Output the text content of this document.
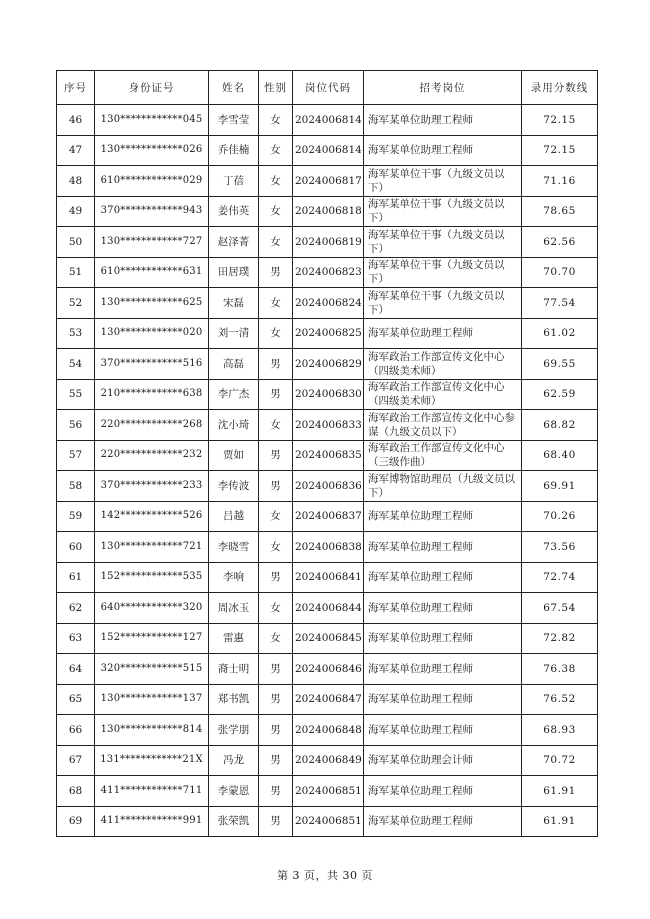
序号	身份证号	姓名	性别	岗位代码	招考岗位	录用分数线
46	130************045	李雪莹	女	2024006814	海军某单位助理工程师	72.15
47	130************026	乔佳楠	女	2024006814	海军某单位助理工程师	72.15
48	610************029	丁蓓	女	2024006817	海军某单位干事（九级文员以下）	71.16
49	370************943	姜伟英	女	2024006818	海军某单位干事（九级文员以下）	78.65
50	130************727	赵泽菁	女	2024006819	海军某单位干事（九级文员以下）	62.56
51	610************631	田居璞	男	2024006823	海军某单位干事（九级文员以下）	70.70
52	130************625	宋磊	女	2024006824	海军某单位干事（九级文员以下）	77.54
53	130************020	刘一清	女	2024006825	海军某单位助理工程师	61.02
54	370************516	高磊	男	2024006829	海军政治工作部宣传文化中心（四级美术师）	69.55
55	210************638	李广杰	男	2024006830	海军政治工作部宣传文化中心（四级美术师）	62.59
56	220************268	沈小琦	女	2024006833	海军政治工作部宣传文化中心参谋（九级文员以下）	68.82
57	220************232	贾如	男	2024006835	海军政治工作部宣传文化中心（三级作曲）	68.40
58	370************233	李传波	男	2024006836	海军博物馆助理员（九级文员以下）	69.91
59	142************526	吕越	女	2024006837	海军某单位助理工程师	70.26
60	130************721	李晓雪	女	2024006838	海军某单位助理工程师	73.56
61	152************535	李响	男	2024006841	海军某单位助理工程师	72.74
62	640************320	周冰玉	女	2024006844	海军某单位助理工程师	67.54
63	152************127	雷惠	女	2024006845	海军某单位助理工程师	72.82
64	320************515	裔士明	男	2024006846	海军某单位助理工程师	76.38
65	130************137	郑书凯	男	2024006847	海军某单位助理工程师	76.52
66	130************814	张学朋	男	2024006848	海军某单位助理工程师	68.93
67	131************21X	冯龙	男	2024006849	海军某单位助理会计师	70.72
68	411************711	李蒙恩	男	2024006851	海军某单位助理工程师	61.91
69	411************991	张荣凯	男	2024006851	海军某单位助理工程师	61.91
第 3 页，共 30 页
